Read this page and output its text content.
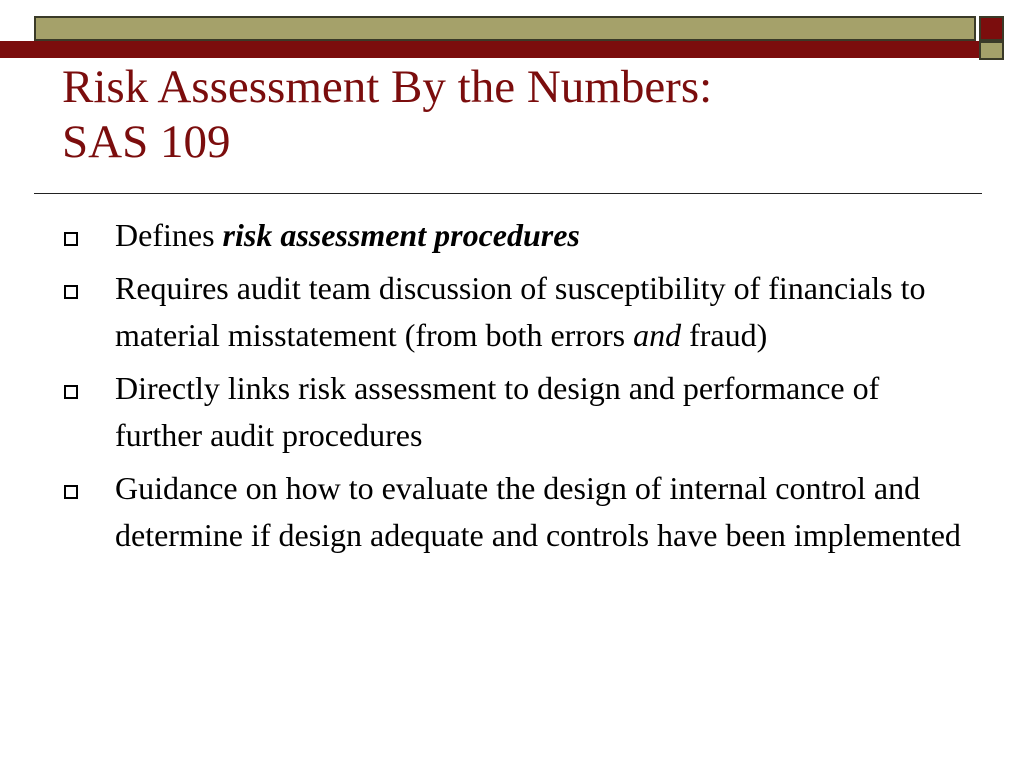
Risk Assessment By the Numbers:
SAS 109
Defines risk assessment procedures
Requires audit team discussion of susceptibility of financials to material misstatement (from both errors and fraud)
Directly links risk assessment to design and performance of further audit procedures
Guidance on how to evaluate the design of internal control and determine if design adequate and controls have been implemented
